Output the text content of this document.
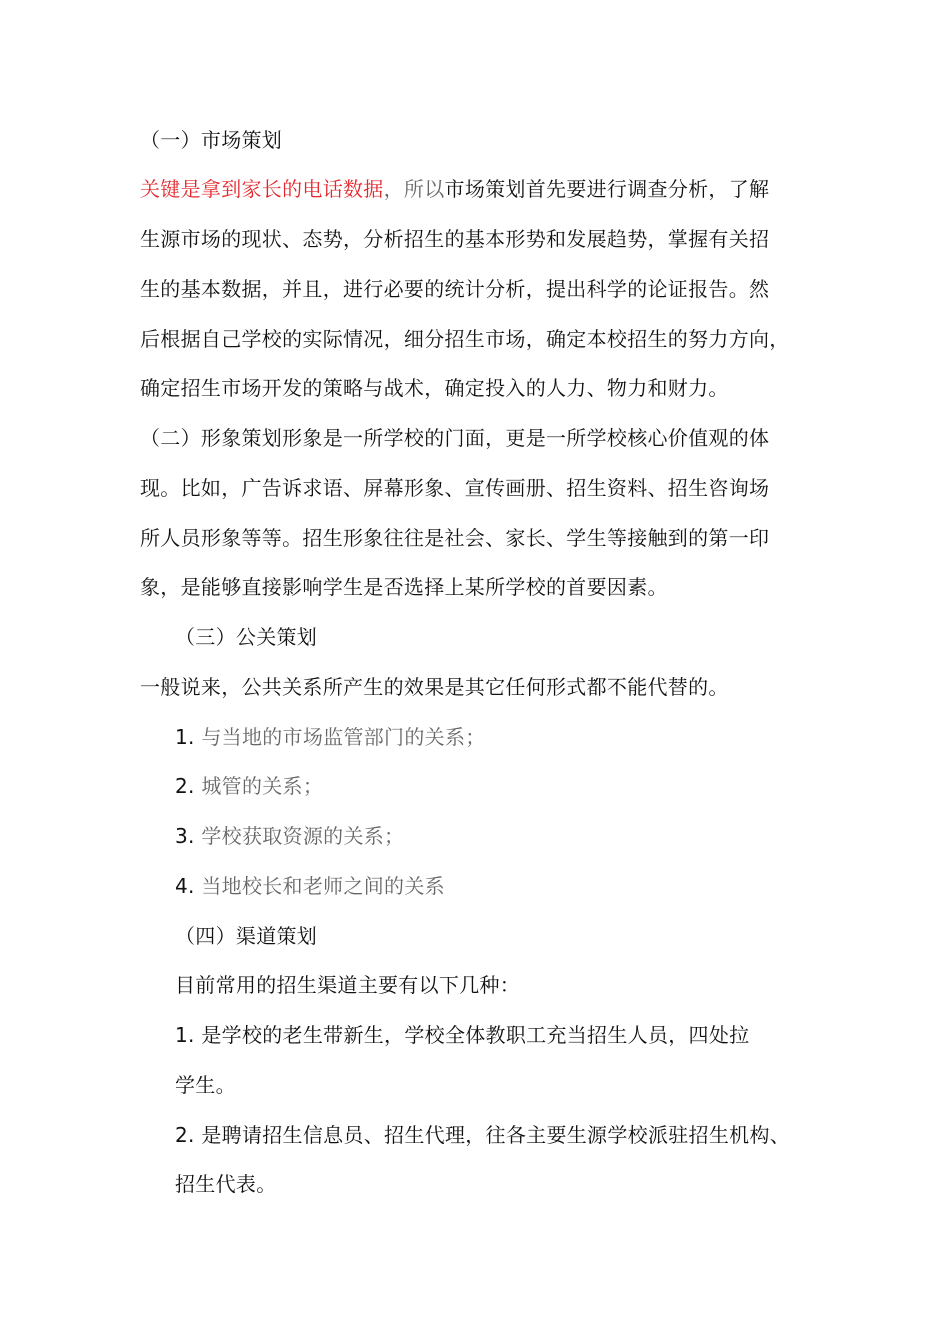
（一）市场策划
关键是拿到家长的电话数据，所以市场策划首先要进行调查分析，了解
生源市场的现状、态势，分析招生的基本形势和发展趋势，掌握有关招
生的基本数据，并且，进行必要的统计分析，提出科学的论证报告。然
后根据自己学校的实际情况，细分招生市场，确定本校招生的努力方向，
确定招生市场开发的策略与战术，确定投入的人力、物力和财力。
（二）形象策划形象是一所学校的门面，更是一所学校核心价值观的体
现。比如，广告诉求语、屏幕形象、宣传画册、招生资料、招生咨询场
所人员形象等等。招生形象往往是社会、家长、学生等接触到的第一印
象，是能够直接影响学生是否选择上某所学校的首要因素。
（三）公关策划
一般说来，公共关系所产生的效果是其它任何形式都不能代替的。
1. 与当地的市场监管部门的关系；
2. 城管的关系；
3. 学校获取资源的关系；
4. 当地校长和老师之间的关系
（四）渠道策划
目前常用的招生渠道主要有以下几种：
1. 是学校的老生带新生，学校全体教职工充当招生人员，四处拉
学生。
2. 是聘请招生信息员、招生代理，往各主要生源学校派驻招生机构、
招生代表。
